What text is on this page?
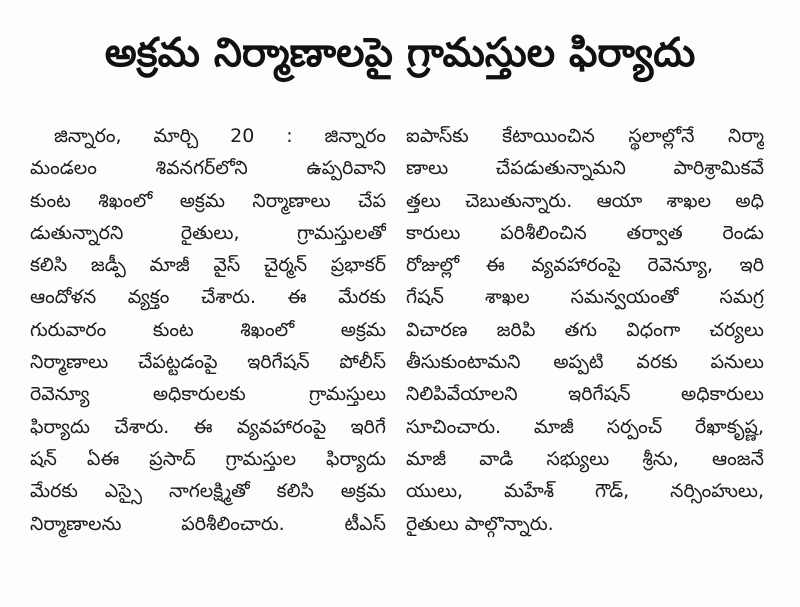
అక్రమ నిర్మాణాలపై గ్రామస్తుల ఫిర్యాదు
జిన్నారం, మార్చి 20 : జిన్నారం
మండలం శివనగర్‌లోని ఉప్పరివాని
కుంట శిఖంలో అక్రమ నిర్మాణాలు చేప
డుతున్నారని రైతులు, గ్రామస్తులతో
కలిసి జడ్పీ మాజీ వైస్ చైర్మన్ ప్రభాకర్
ఆందోళన వ్యక్తం చేశారు. ఈ మేరకు
గురువారం కుంట శిఖంలో అక్రమ
నిర్మాణాలు చేపట్టడంపై ఇరిగేషన్ పోలీస్
రెవెన్యూ అధికారులకు గ్రామస్తులు
ఫిర్యాదు చేశారు. ఈ వ్యవహారంపై ఇరిగే
షన్ ఏఈ ప్రసాద్ గ్రామస్తుల ఫిర్యాదు
మేరకు ఎస్సై నాగలక్ష్మితో కలిసి అక్రమ
నిర్మాణాలను పరిశీలించారు. టీఎస్
ఐపాస్‌కు కేటాయించిన స్థలాల్లోనే నిర్మా
ణాలు చేపడుతున్నామని పారిశ్రామికవే
త్తలు చెబుతున్నారు. ఆయా శాఖల అధి
కారులు పరిశీలించిన తర్వాత రెండు
రోజుల్లో ఈ వ్యవహారంపై రెవెన్యూ, ఇరి
గేషన్ శాఖల సమన్వయంతో సమగ్ర
విచారణ జరిపి తగు విధంగా చర్యలు
తీసుకుంటామని అప్పటి వరకు పనులు
నిలిపివేయాలని ఇరిగేషన్ అధికారులు
సూచించారు. మాజీ సర్పంచ్ రేఖాకృష్ణ,
మాజీ వాడి సభ్యులు శ్రీను, ఆంజనే
యులు, మహేశ్ గౌడ్, నర్సింహులు,
రైతులు పాల్గొన్నారు.
